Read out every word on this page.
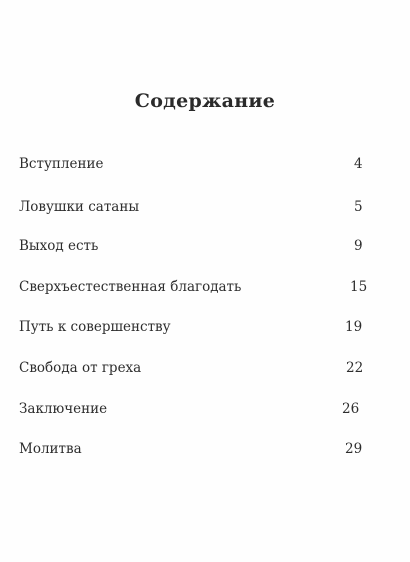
Содержание
Вступление	4
Ловушки сатаны	5
Выход есть	9
Сверхъестественная благодать	15
Путь к совершенству	19
Свобода от греха	22
Заключение	26
Молитва	29
